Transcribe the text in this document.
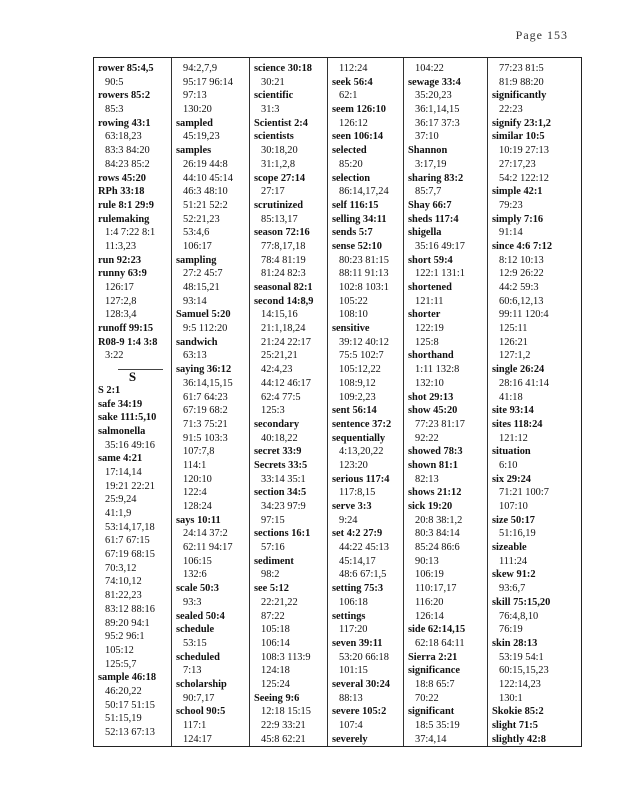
Page 153
rower 85:4,5
90:5
rowers 85:2
85:3
rowing 43:1
63:18,23
83:3 84:20
84:23 85:2
rows 45:20
RPh 33:18
rule 8:1 29:9
rulemaking
1:4 7:22 8:1
11:3,23
run 92:23
runny 63:9
126:17
127:2,8
128:3,4
runoff 99:15
R08-9 1:4 3:8
3:22
S
S 2:1
safe 34:19
sake 111:5,10
salmonella
35:16 49:16
same 4:21
17:14,14
19:21 22:21
25:9,24
41:1,9
53:14,17,18
61:7 67:15
67:19 68:15
70:3,12
74:10,12
81:22,23
83:12 88:16
89:20 94:1
95:2 96:1
105:12
125:5,7
sample 46:18
46:20,22
50:17 51:15
51:15,19
52:13 67:13
94:2,7,9
95:17 96:14
97:13
130:20
sampled
45:19,23
samples
26:19 44:8
44:10 45:14
46:3 48:10
51:21 52:2
52:21,23
53:4,6
106:17
sampling
27:2 45:7
48:15,21
93:14
Samuel 5:20
9:5 112:20
sandwich
63:13
saying 36:12
36:14,15,15
61:7 64:23
67:19 68:2
71:3 75:21
91:5 103:3
107:7,8
114:1
120:10
122:4
128:24
says 10:11
24:14 37:2
62:11 94:17
106:15
132:6
scale 50:3
93:3
sealed 50:4
schedule
53:15
scheduled
7:13
scholarship
90:7,17
school 90:5
117:1
124:17
science 30:18
30:21
scientific
31:3
Scientist 2:4
scientists
30:18,20
31:1,2,8
scope 27:14
27:17
scrutinized
85:13,17
season 72:16
77:8,17,18
78:4 81:19
81:24 82:3
seasonal 82:1
second 14:8,9
14:15,16
21:1,18,24
21:24 22:17
25:21,21
42:4,23
44:12 46:17
62:4 77:5
125:3
secondary
40:18,22
secret 33:9
Secrets 33:5
33:14 35:1
section 34:5
34:23 97:9
97:15
sections 16:1
57:16
sediment
98:2
see 5:12
22:21,22
87:22
105:18
106:14
108:3 113:9
124:18
125:24
Seeing 9:6
12:18 15:15
22:9 33:21
45:8 62:21
112:24
seek 56:4
62:1
seem 126:10
126:12
seen 106:14
selected
85:20
selection
86:14,17,24
self 116:15
selling 34:11
sends 5:7
sense 52:10
80:23 81:15
88:11 91:13
102:8 103:1
105:22
108:10
sensitive
39:12 40:12
75:5 102:7
105:12,22
108:9,12
109:2,23
sent 56:14
sentence 37:2
sequentially
4:13,20,22
123:20
serious 117:4
117:8,15
serve 3:3
9:24
set 4:2 27:9
44:22 45:13
45:14,17
48:6 67:1,5
setting 75:3
106:18
settings
117:20
seven 39:11
53:20 66:18
101:15
several 30:24
88:13
severe 105:2
107:4
severely
104:22
sewage 33:4
35:20,23
36:1,14,15
36:17 37:3
37:10
Shannon
3:17,19
sharing 83:2
85:7,7
Shay 66:7
sheds 117:4
shigella
35:16 49:17
short 59:4
122:1 131:1
shortened
121:11
shorter
122:19
125:8
shorthand
1:11 132:8
132:10
shot 29:13
show 45:20
77:23 81:17
92:22
showed 78:3
shown 81:1
82:13
shows 21:12
sick 19:20
20:8 38:1,2
80:3 84:14
85:24 86:6
90:13
106:19
110:17,17
116:20
126:14
side 62:14,15
62:18 64:11
Sierra 2:21
significance
18:8 65:7
70:22
significant
18:5 35:19
37:4,14
77:23 81:5
81:9 88:20
significantly
22:23
signify 23:1,2
similar 10:5
10:19 27:13
27:17,23
54:2 122:12
simple 42:1
79:23
simply 7:16
91:14
since 4:6 7:12
8:12 10:13
12:9 26:22
44:2 59:3
60:6,12,13
99:11 120:4
125:11
126:21
127:1,2
single 26:24
28:16 41:14
41:18
site 93:14
sites 118:24
121:12
situation
6:10
six 29:24
71:21 100:7
107:10
size 50:17
51:16,19
sizeable
111:24
skew 91:2
93:6,7
skill 75:15,20
76:4,8,10
76:19
skin 28:13
53:19 54:1
60:15,15,23
122:14,23
130:1
Skokie 85:2
slight 71:5
slightly 42:8
